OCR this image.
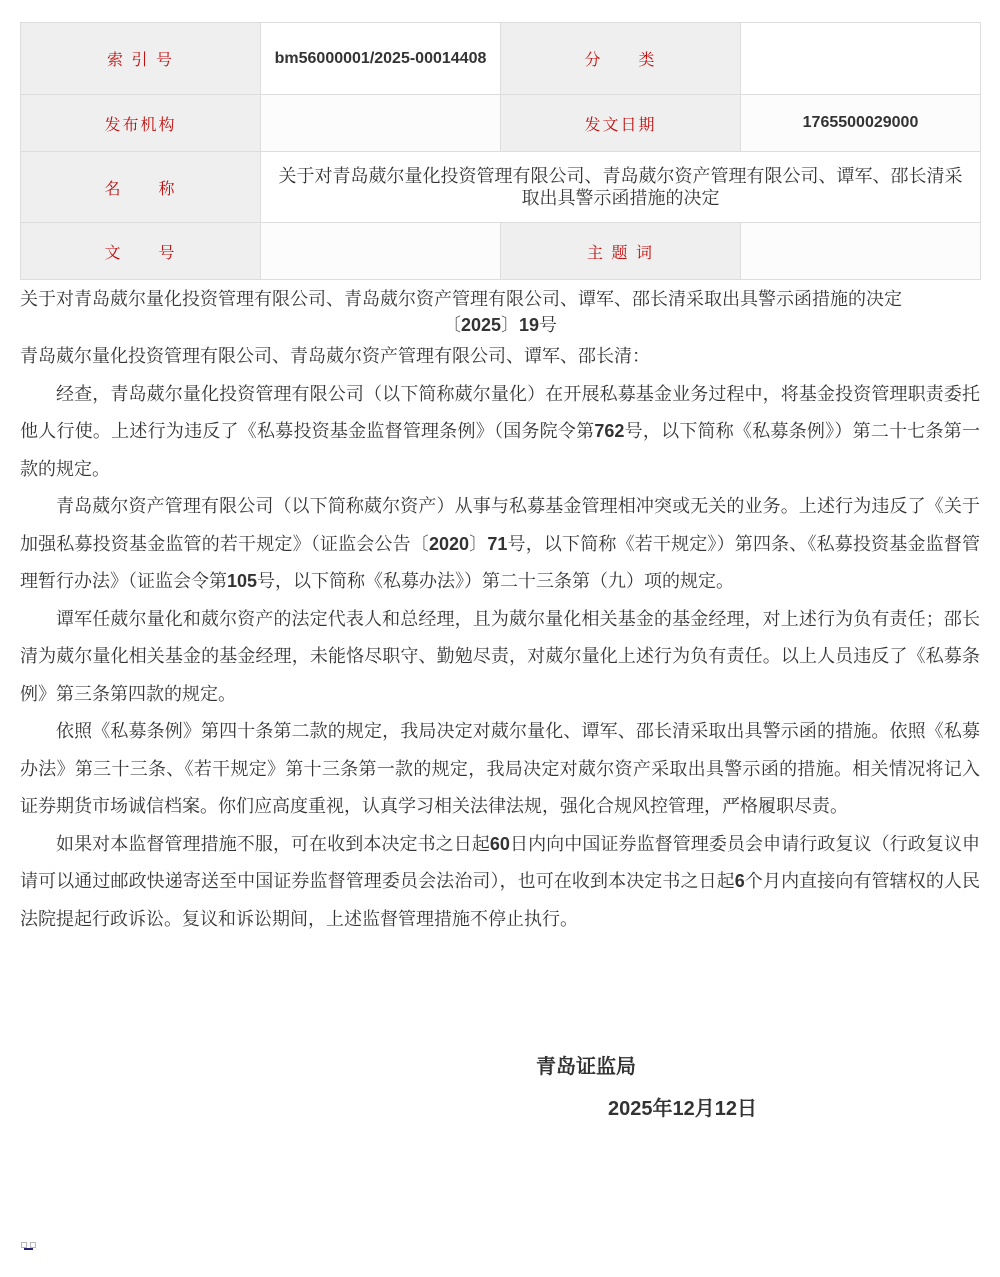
索 引 号	bm56000001/2025-00014408	分　　类	
发布机构		发文日期	1765500029000
名　　称	关于对青岛葳尔量化投资管理有限公司、青岛葳尔资产管理有限公司、谭军、邵长清采取出具警示函措施的决定		
文　　号		主 题 词	
关于对青岛葳尔量化投资管理有限公司、青岛葳尔资产管理有限公司、谭军、邵长清采取出具警示函措施的决定
〔2025〕19号

青岛葳尔量化投资管理有限公司、青岛葳尔资产管理有限公司、谭军、邵长清：

经查，青岛葳尔量化投资管理有限公司（以下简称葳尔量化）在开展私募基金业务过程中，将基金投资管理职责委托他人行使。上述行为违反了《私募投资基金监督管理条例》（国务院令第762号，以下简称《私募条例》）第二十七条第一款的规定。

青岛葳尔资产管理有限公司（以下简称葳尔资产）从事与私募基金管理相冲突或无关的业务。上述行为违反了《关于加强私募投资基金监管的若干规定》（证监会公告〔2020〕71号，以下简称《若干规定》）第四条、《私募投资基金监督管理暂行办法》（证监会令第105号，以下简称《私募办法》）第二十三条第（九）项的规定。

谭军任葳尔量化和葳尔资产的法定代表人和总经理，且为葳尔量化相关基金的基金经理，对上述行为负有责任；邵长清为葳尔量化相关基金的基金经理，未能恪尽职守、勤勉尽责，对葳尔量化上述行为负有责任。以上人员违反了《私募条例》第三条第四款的规定。

依照《私募条例》第四十条第二款的规定，我局决定对葳尔量化、谭军、邵长清采取出具警示函的措施。依照《私募办法》第三十三条、《若干规定》第十三条第一款的规定，我局决定对葳尔资产采取出具警示函的措施。相关情况将记入证券期货市场诚信档案。你们应高度重视，认真学习相关法律法规，强化合规风控管理，严格履职尽责。

如果对本监督管理措施不服，可在收到本决定书之日起60日内向中国证券监督管理委员会申请行政复议（行政复议申请可以通过邮政快递寄送至中国证券监督管理委员会法治司），也可在收到本决定书之日起6个月内直接向有管辖权的人民法院提起行政诉讼。复议和诉讼期间，上述监督管理措施不停止执行。

青岛证监局
2025年12月12日
